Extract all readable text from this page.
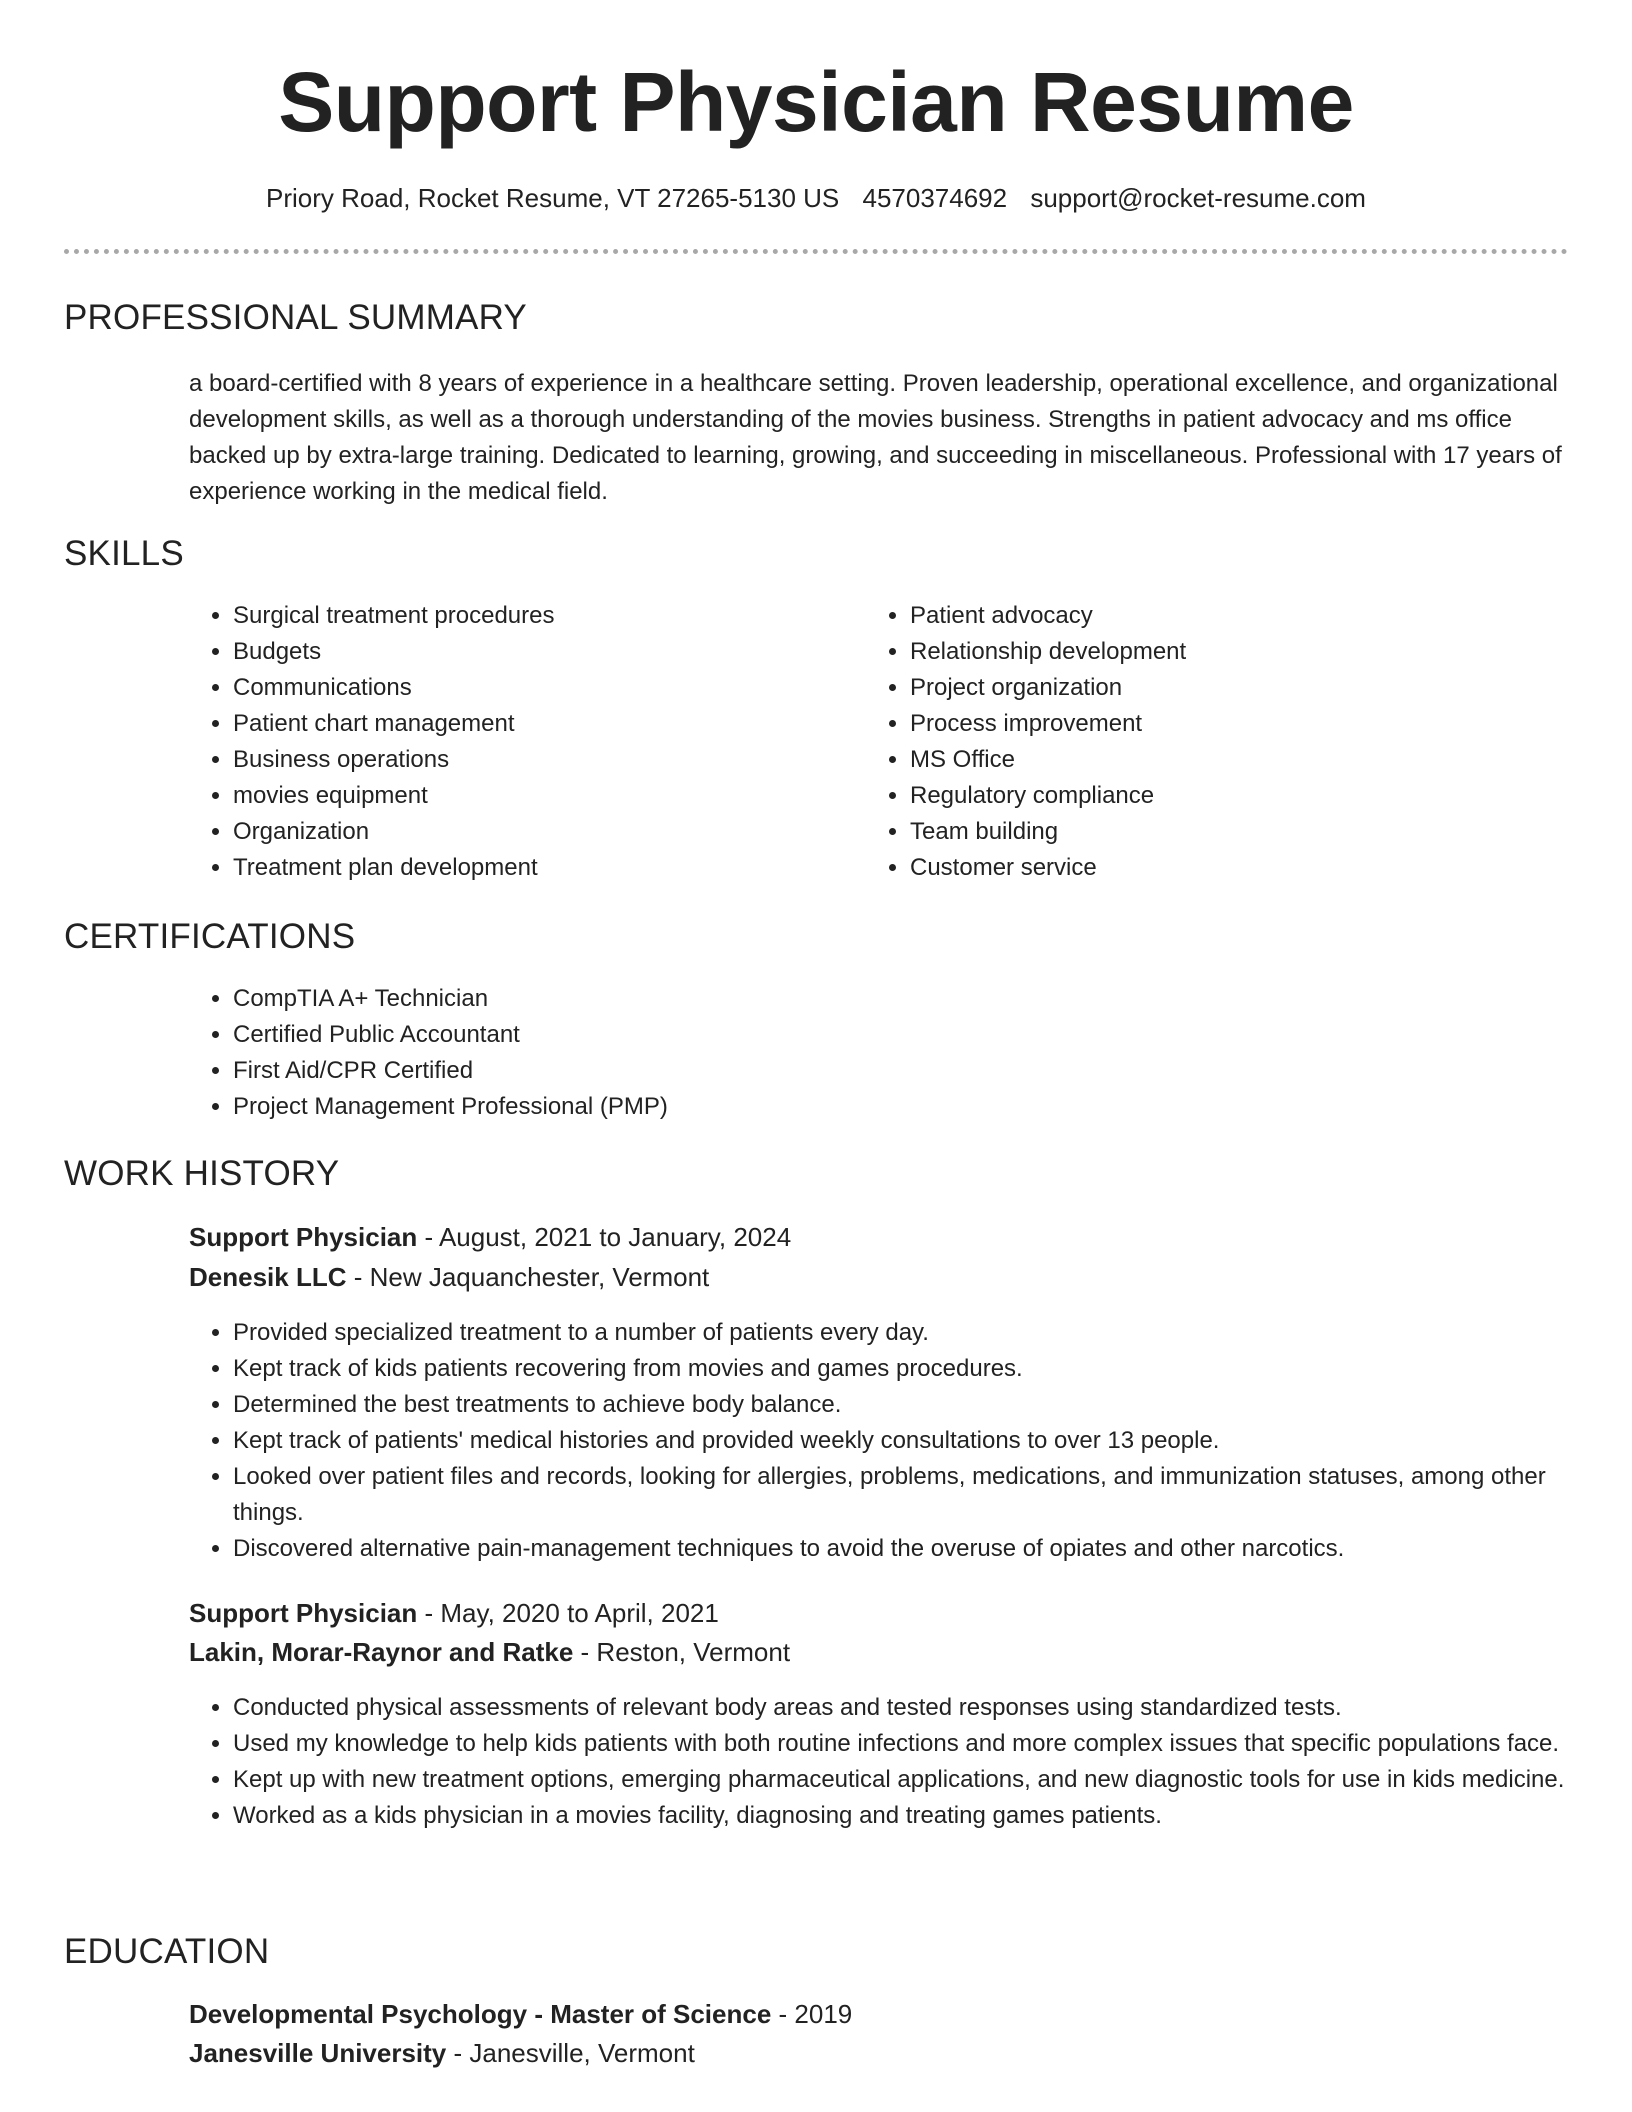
Support Physician Resume
Priory Road, Rocket Resume, VT 27265-5130 US 4570374692 support@rocket-resume.com
PROFESSIONAL SUMMARY

a board-certified with 8 years of experience in a healthcare setting. Proven leadership, operational excellence, and organizational development skills, as well as a thorough understanding of the movies business. Strengths in patient advocacy and ms office backed up by extra-large training. Dedicated to learning, growing, and succeeding in miscellaneous. Professional with 17 years of experience working in the medical field.

SKILLS
• Surgical treatment procedures
• Budgets
• Communications
• Patient chart management
• Business operations
• movies equipment
• Organization
• Treatment plan development
• Patient advocacy
• Relationship development
• Project organization
• Process improvement
• MS Office
• Regulatory compliance
• Team building
• Customer service
CERTIFICATIONS
• CompTIA A+ Technician
• Certified Public Accountant
• First Aid/CPR Certified
• Project Management Professional (PMP)
WORK HISTORY
Support Physician - August, 2021 to January, 2024
Denesik LLC - New Jaquanchester, Vermont
• Provided specialized treatment to a number of patients every day.
• Kept track of kids patients recovering from movies and games procedures.
• Determined the best treatments to achieve body balance.
• Kept track of patients' medical histories and provided weekly consultations to over 13 people.
• Looked over patient files and records, looking for allergies, problems, medications, and immunization statuses, among other things.
• Discovered alternative pain-management techniques to avoid the overuse of opiates and other narcotics.
Support Physician - May, 2020 to April, 2021
Lakin, Morar-Raynor and Ratke - Reston, Vermont
• Conducted physical assessments of relevant body areas and tested responses using standardized tests.
• Used my knowledge to help kids patients with both routine infections and more complex issues that specific populations face.
• Kept up with new treatment options, emerging pharmaceutical applications, and new diagnostic tools for use in kids medicine.
• Worked as a kids physician in a movies facility, diagnosing and treating games patients.
EDUCATION
Developmental Psychology - Master of Science - 2019
Janesville University - Janesville, Vermont
